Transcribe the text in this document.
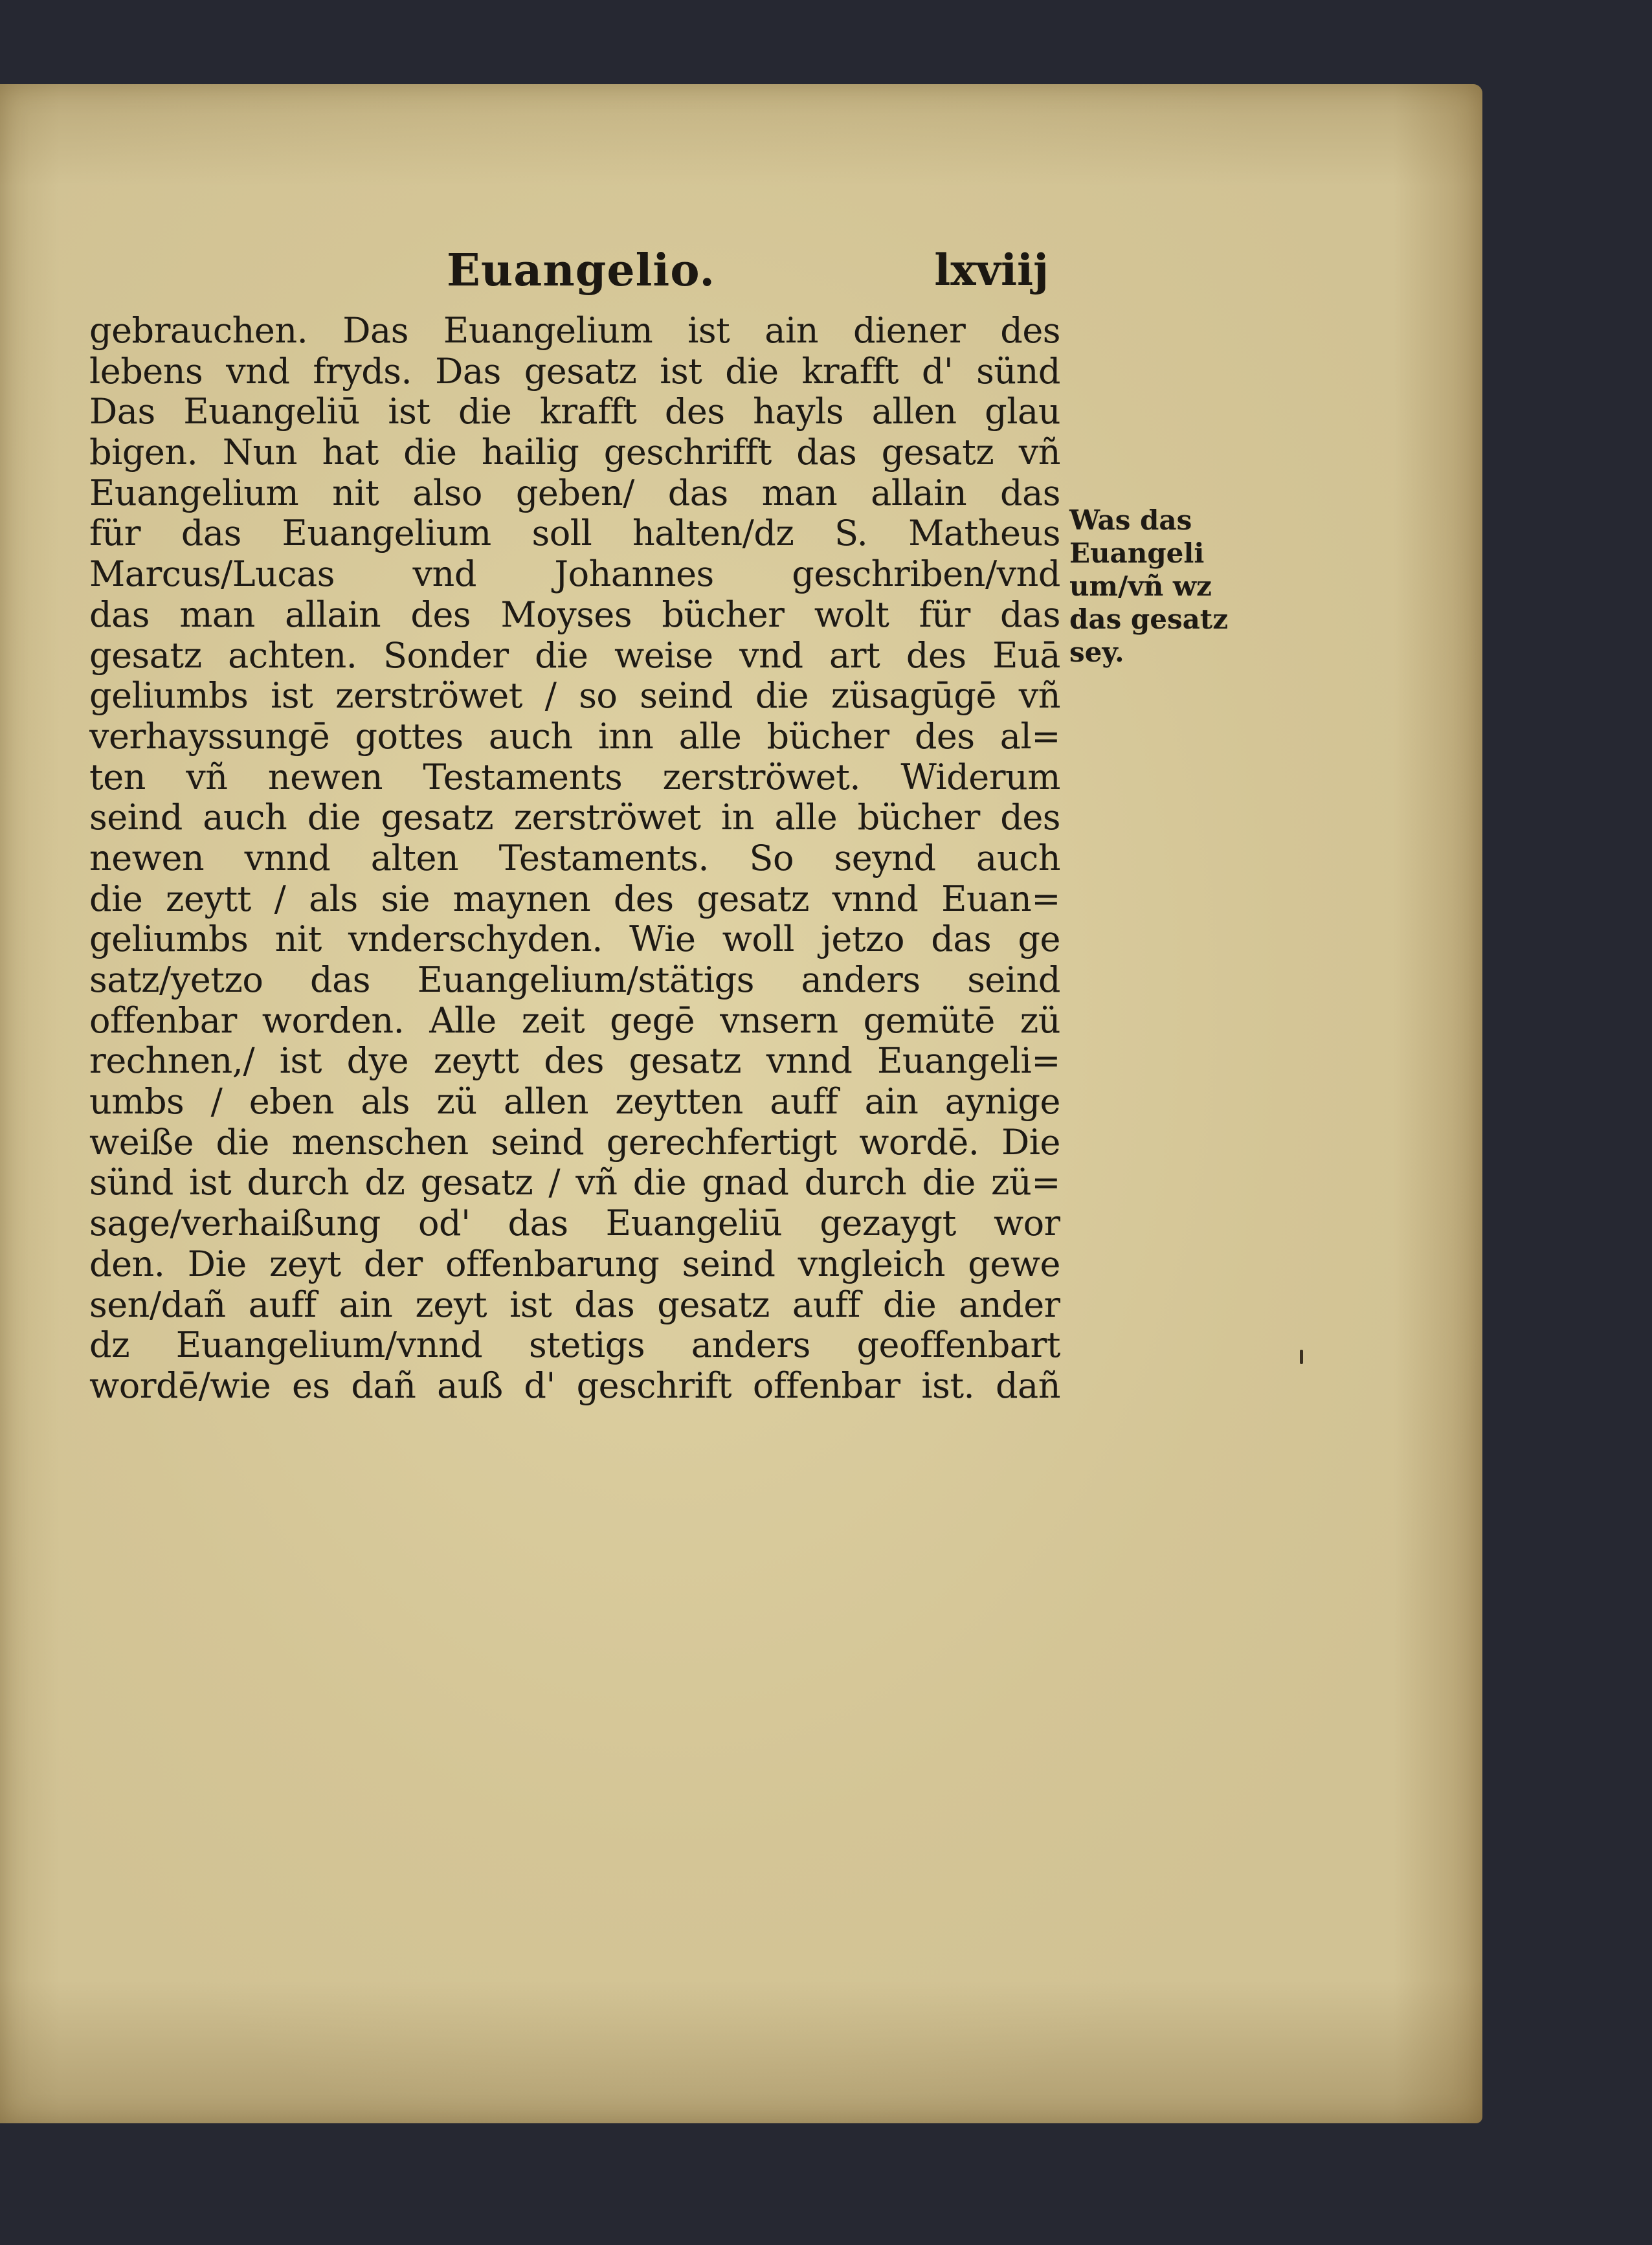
Euangelio.	lxviij
gebrauchen. Das Euangelium ist ain diener des
lebens vnd fryds. Das gesatz ist die krafft d' sünd
Das Euangeliū ist die krafft des hayls allen glau
bigen. Nun hat die hailig geschrifft das gesatz vñ
Euangelium nit also geben/ das man allain das
für das Euangelium soll halten/dz S. Matheus
Marcus/Lucas vnd Johannes geschriben/vnd
das man allain des Moyses bücher wolt für das
gesatz achten. Sonder die weise vnd art des Euā
geliumbs ist zerströwet / so seind die züsagūgē vñ
verhayssungē gottes auch inn alle bücher des al=
ten vñ newen Testaments zerströwet. Widerum
seind auch die gesatz zerströwet in alle bücher des
newen vnnd alten Testaments. So seynd auch
die zeytt / als sie maynen des gesatz vnnd Euan=
geliumbs nit vnderschyden. Wie woll jetzo das ge
satz/yetzo das Euangelium/stätigs anders seind
offenbar worden. Alle zeit gegē vnsern gemütē zü
rechnen,/ ist dye zeytt des gesatz vnnd Euangeli=
umbs / eben als zü allen zeytten auff ain aynige
weiße die menschen seind gerechfertigt wordē. Die
sünd ist durch dz gesatz / vñ die gnad durch die zü=
sage/verhaißung od' das Euangeliū gezaygt wor
den. Die zeyt der offenbarung seind vngleich gewe
sen/dañ auff ain zeyt ist das gesatz auff die ander
dz Euangelium/vnnd stetigs anders geoffenbart
wordē/wie es dañ auß d' geschrift offenbar ist. dañ
Was das
Euangeli
um/vñ wz
das gesatz
sey.
